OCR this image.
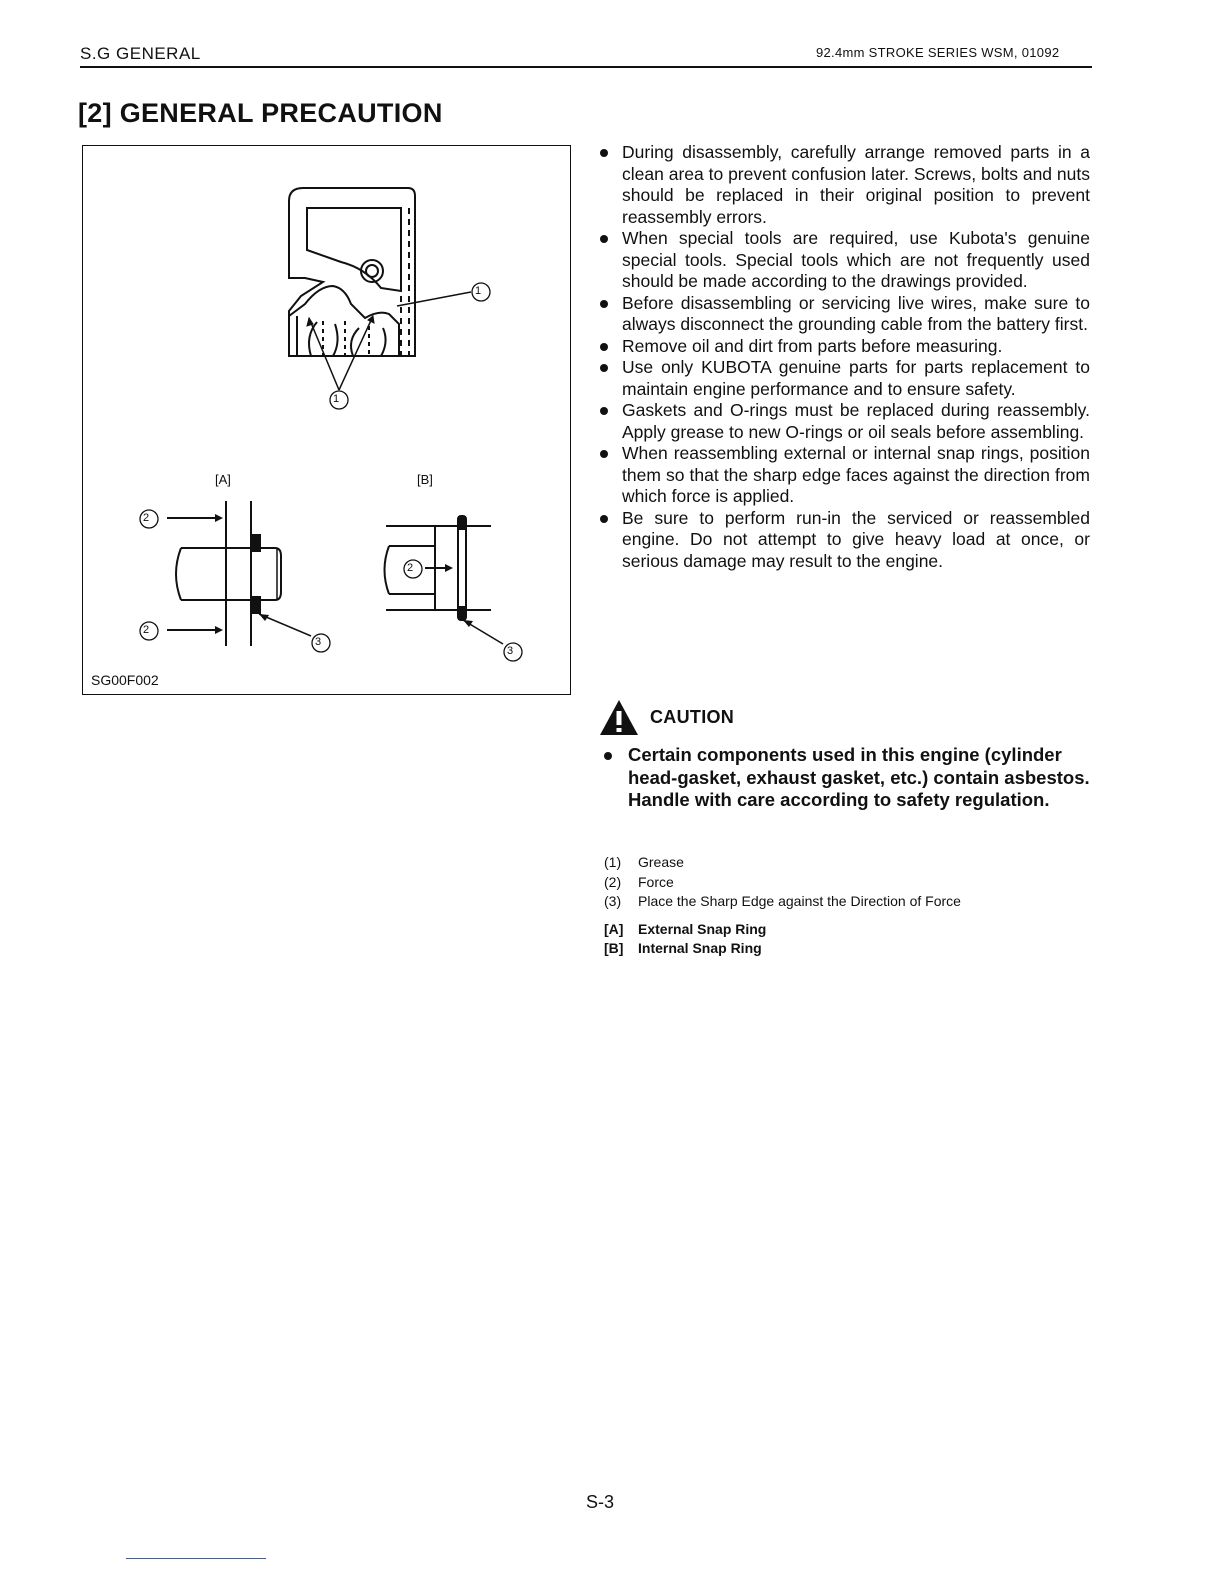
S.G GENERAL	92.4mm STROKE SERIES WSM, 01092
[2] GENERAL PRECAUTION
1
1
2
2
2
3
3
[A]	[B]
SG00F002
During disassembly, carefully arrange removed parts in a clean area to prevent confusion later. Screws, bolts and nuts should be replaced in their original position to prevent reassembly errors.
When special tools are required, use Kubota's genuine special tools. Special tools which are not frequently used should be made according to the drawings provided.
Before disassembling or servicing live wires, make sure to always disconnect the grounding cable from the battery first.
Remove oil and dirt from parts before measuring.
Use only KUBOTA genuine parts for parts replacement to maintain engine performance and to ensure safety.
Gaskets and O-rings must be replaced during reassembly. Apply grease to new O-rings or oil seals before assembling.
When reassembling external or internal snap rings, position them so that the sharp edge faces against the direction from which force is applied.
Be sure to perform run-in the serviced or reassembled engine. Do not attempt to give heavy load at once, or serious damage may result to the engine.
CAUTION
Certain components used in this engine (cylinder head-gasket, exhaust gasket, etc.) contain asbestos. Handle with care according to safety regulation.
(1)	Grease
(2)	Force
(3)	Place the Sharp Edge against the Direction of Force
[A]	External Snap Ring
[B]	Internal Snap Ring
S-3
